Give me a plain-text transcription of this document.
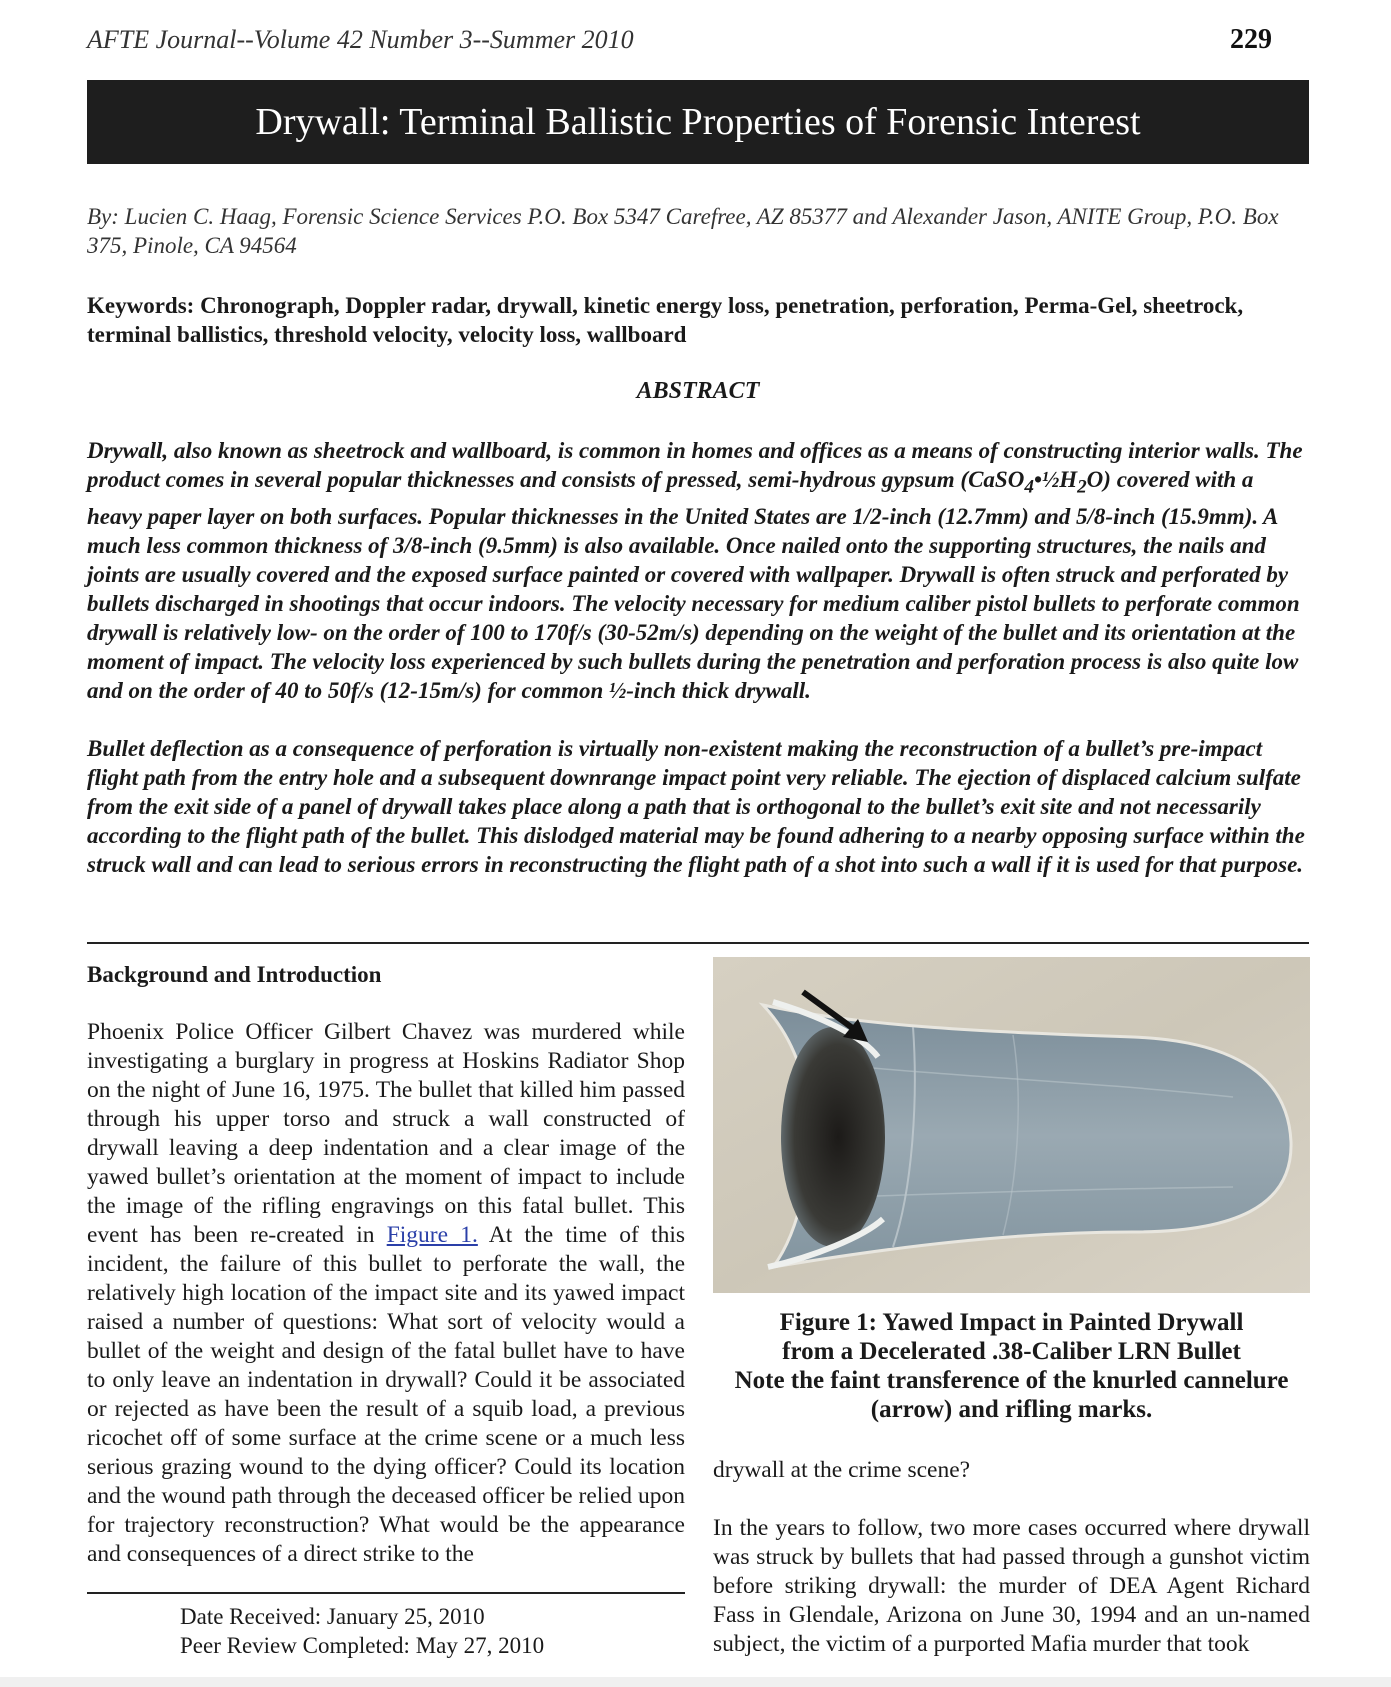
AFTE Journal--Volume 42 Number 3--Summer 2010	229
Drywall: Terminal Ballistic Properties of Forensic Interest
By: Lucien C. Haag, Forensic Science Services P.O. Box 5347 Carefree, AZ 85377 and Alexander Jason, ANITE Group, P.O. Box 375, Pinole, CA 94564
Keywords: Chronograph, Doppler radar, drywall, kinetic energy loss, penetration, perforation, Perma-Gel, sheetrock, terminal ballistics, threshold velocity, velocity loss, wallboard
ABSTRACT

Drywall, also known as sheetrock and wallboard, is common in homes and offices as a means of constructing interior walls. The product comes in several popular thicknesses and consists of pressed, semi-hydrous gypsum $(CaSO_4•\frac{1}{2}H_2O)$ covered with a heavy paper layer on both surfaces. Popular thicknesses in the United States are 1/2-inch (12.7mm) and 5/8-inch (15.9mm). A much less common thickness of 3/8-inch (9.5mm) is also available. Once nailed onto the supporting structures, the nails and joints are usually covered and the exposed surface painted or covered with wallpaper. Drywall is often struck and perforated by bullets discharged in shootings that occur indoors. The velocity necessary for medium caliber pistol bullets to perforate common drywall is relatively low- on the order of 100 to 170f/s (30-52m/s) depending on the weight of the bullet and its orientation at the moment of impact. The velocity loss experienced by such bullets during the penetration and perforation process is also quite low and on the order of 40 to 50f/s (12-15m/s) for common ½-inch thick drywall.

Bullet deflection as a consequence of perforation is virtually non-existent making the reconstruction of a bullet’s pre-impact flight path from the entry hole and a subsequent downrange impact point very reliable. The ejection of displaced calcium sulfate from the exit side of a panel of drywall takes place along a path that is orthogonal to the bullet’s exit site and not necessarily according to the flight path of the bullet. This dislodged material may be found adhering to a nearby opposing surface within the struck wall and can lead to serious errors in reconstructing the flight path of a shot into such a wall if it is used for that purpose.

Background and Introduction

Phoenix Police Officer Gilbert Chavez was murdered while investigating a burglary in progress at Hoskins Radiator Shop on the night of June 16, 1975. The bullet that killed him passed through his upper torso and struck a wall constructed of drywall leaving a deep indentation and a clear image of the yawed bullet’s orientation at the moment of impact to include the image of the rifling engravings on this fatal bullet. This event has been re-created in Figure 1. At the time of this incident, the failure of this bullet to perforate the wall, the relatively high location of the impact site and its yawed impact raised a number of questions: What sort of velocity would a bullet of the weight and design of the fatal bullet have to have to only leave an indentation in drywall? Could it be associated or rejected as have been the result of a squib load, a previous ricochet off of some surface at the crime scene or a much less serious grazing wound to the dying officer? Could its location and the wound path through the deceased officer be relied upon for trajectory reconstruction? What would be the appearance and consequences of a direct strike to the

Date Received: January 25, 2010
Peer Review Completed: May 27, 2010
Figure 1: Yawed Impact in Painted Drywall
from a Decelerated .38-Caliber LRN Bullet
Note the faint transference of the knurled cannelure
(arrow) and rifling marks.
drywall at the crime scene?
In the years to follow, two more cases occurred where drywall was struck by bullets that had passed through a gunshot victim before striking drywall: the murder of DEA Agent Richard Fass in Glendale, Arizona on June 30, 1994 and an un-named subject, the victim of a purported Mafia murder that took
